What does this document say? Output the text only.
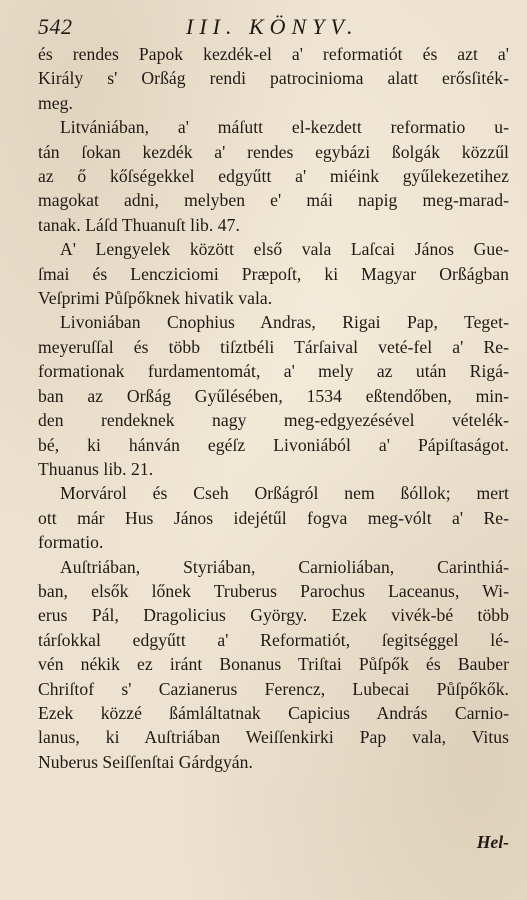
542	III. KÖNYV.

és rendes Papok kezdék-el a' reformatiót és azt a'
Király s' Orßág rendi patrocinioma alatt erősſiték-
meg.

Litvániában, a' máſutt el-kezdett reformatio u-
tán ſokan kezdék a' rendes egybázi ßolgák közzűl
az ő kőſségekkel edgyűtt a' miéink gyűlekezetihez
magokat adni, melyben e' mái napig meg-marad-
tanak. Láſd Thuanuſt lib. 47.

A' Lengyelek között első vala Laſcai János Gue-
ſmai és Lencziciomi Præpoſt, ki Magyar Orßágban
Veſprimi Půſpőknek hivatik vala.

Livoniában Cnophius Andras, Rigai Pap, Teget-
meyeruſſal és több tiſztbéli Tárſaival veté-fel a' Re-
formationak furdamentomát, a' mely az után Rigá-
ban az Orßág Gyűlésében, 1534 eßtendőben, min-
den rendeknek nagy meg-edgyezésével vételék-
bé, ki hánván egéſz Livoniából a' Pápiſtaságot.
Thuanus lib. 21.

Morvárol és Cseh Orßágról nem ßóllok; mert
ott már Hus János idejétűl fogva meg-vólt a' Re-
formatio.

Auſtriában, Styriában, Carnioliában, Carinthiá-
ban, elsők lőnek Truberus Parochus Laceanus, Wi-
erus Pál, Dragolicius György. Ezek vivék-bé több
tárſokkal edgyűtt a' Reformatiót, ſegitséggel lé-
vén nékik ez iránt Bonanus Triſtai Půſpők és Bauber
Chriſtof s' Cazianerus Ferencz, Lubecai Půſpőkők.
Ezek közzé ßámláltatnak Capicius András Carnio-
lanus, ki Auſtriában Weiſſenkirki Pap vala, Vitus
Nuberus Seiſſenſtai Gárdgyán.

Hel-
